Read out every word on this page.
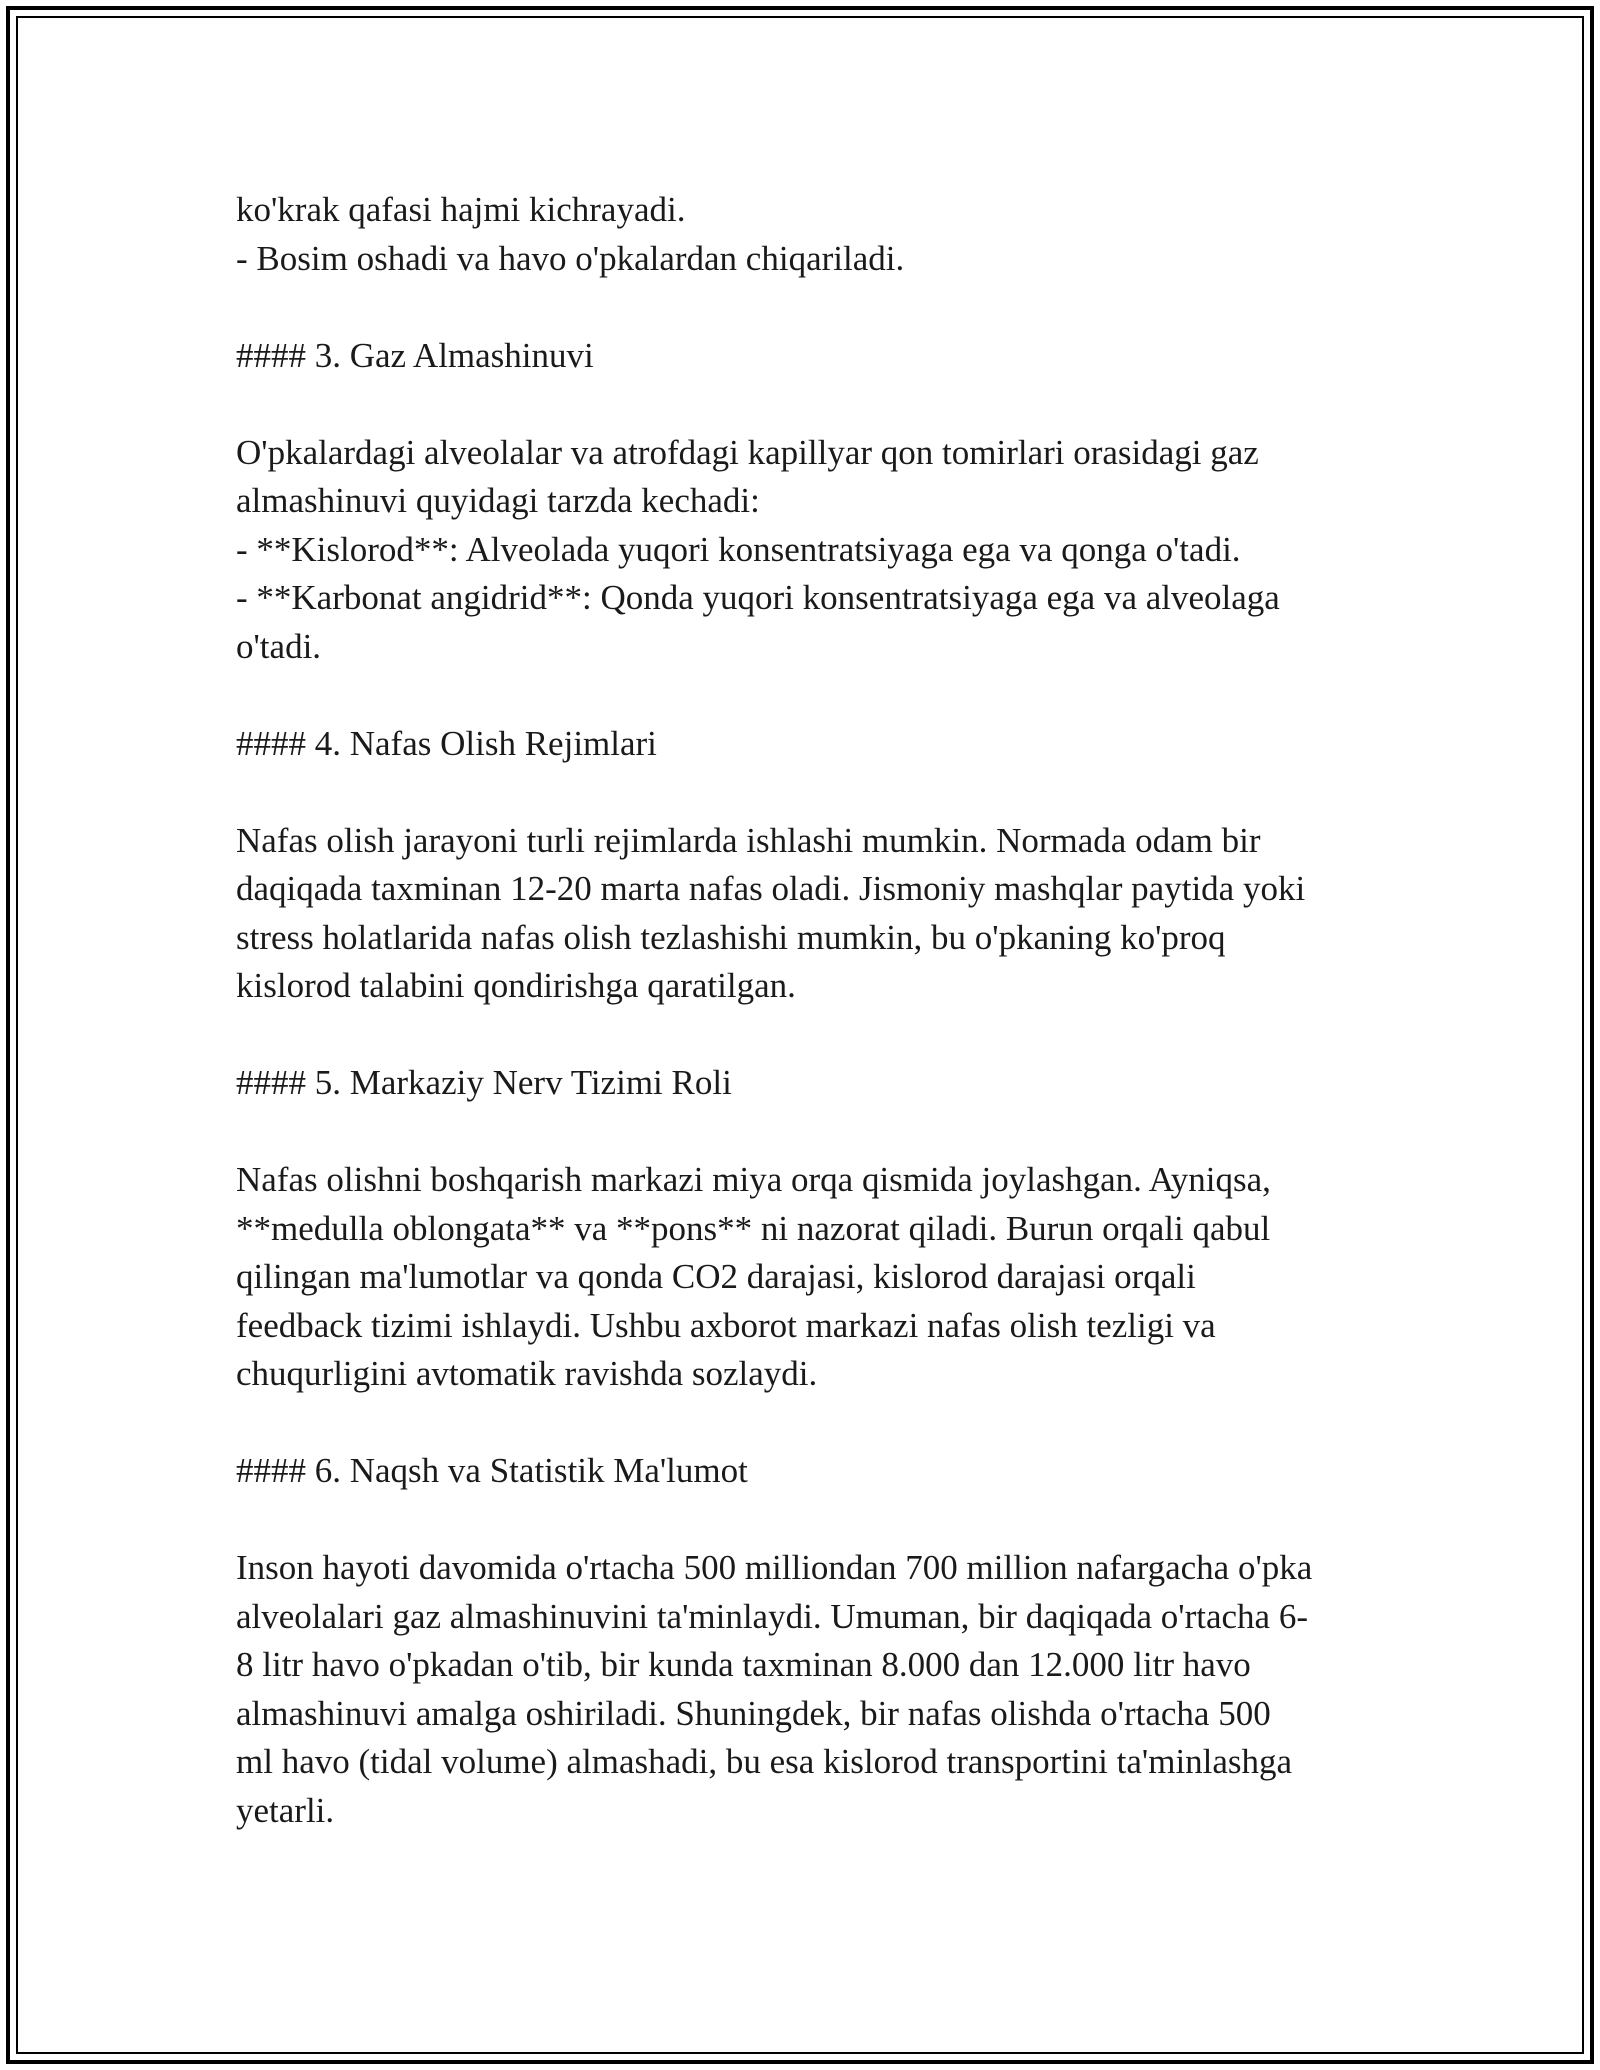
ko'krak qafasi hajmi kichrayadi.
- Bosim oshadi va havo o'pkalardan chiqariladi.
#### 3. Gaz Almashinuvi
O'pkalardagi alveolalar va atrofdagi kapillyar qon tomirlari orasidagi gaz
almashinuvi quyidagi tarzda kechadi:
- **Kislorod**: Alveolada yuqori konsentratsiyaga ega va qonga o'tadi.
- **Karbonat angidrid**: Qonda yuqori konsentratsiyaga ega va alveolaga
o'tadi.
#### 4. Nafas Olish Rejimlari
Nafas olish jarayoni turli rejimlarda ishlashi mumkin. Normada odam bir
daqiqada taxminan 12-20 marta nafas oladi. Jismoniy mashqlar paytida yoki
stress holatlarida nafas olish tezlashishi mumkin, bu o'pkaning ko'proq
kislorod talabini qondirishga qaratilgan.
#### 5. Markaziy Nerv Tizimi Roli
Nafas olishni boshqarish markazi miya orqa qismida joylashgan. Ayniqsa,
**medulla oblongata** va **pons** ni nazorat qiladi. Burun orqali qabul
qilingan ma'lumotlar va qonda CO2 darajasi, kislorod darajasi orqali
feedback tizimi ishlaydi. Ushbu axborot markazi nafas olish tezligi va
chuqurligini avtomatik ravishda sozlaydi.
#### 6. Naqsh va Statistik Ma'lumot
Inson hayoti davomida o'rtacha 500 milliondan 700 million nafargacha o'pka
alveolalari gaz almashinuvini ta'minlaydi. Umuman, bir daqiqada o'rtacha 6-
8 litr havo o'pkadan o'tib, bir kunda taxminan 8.000 dan 12.000 litr havo
almashinuvi amalga oshiriladi. Shuningdek, bir nafas olishda o'rtacha 500
ml havo (tidal volume) almashadi, bu esa kislorod transportini ta'minlashga
yetarli.
